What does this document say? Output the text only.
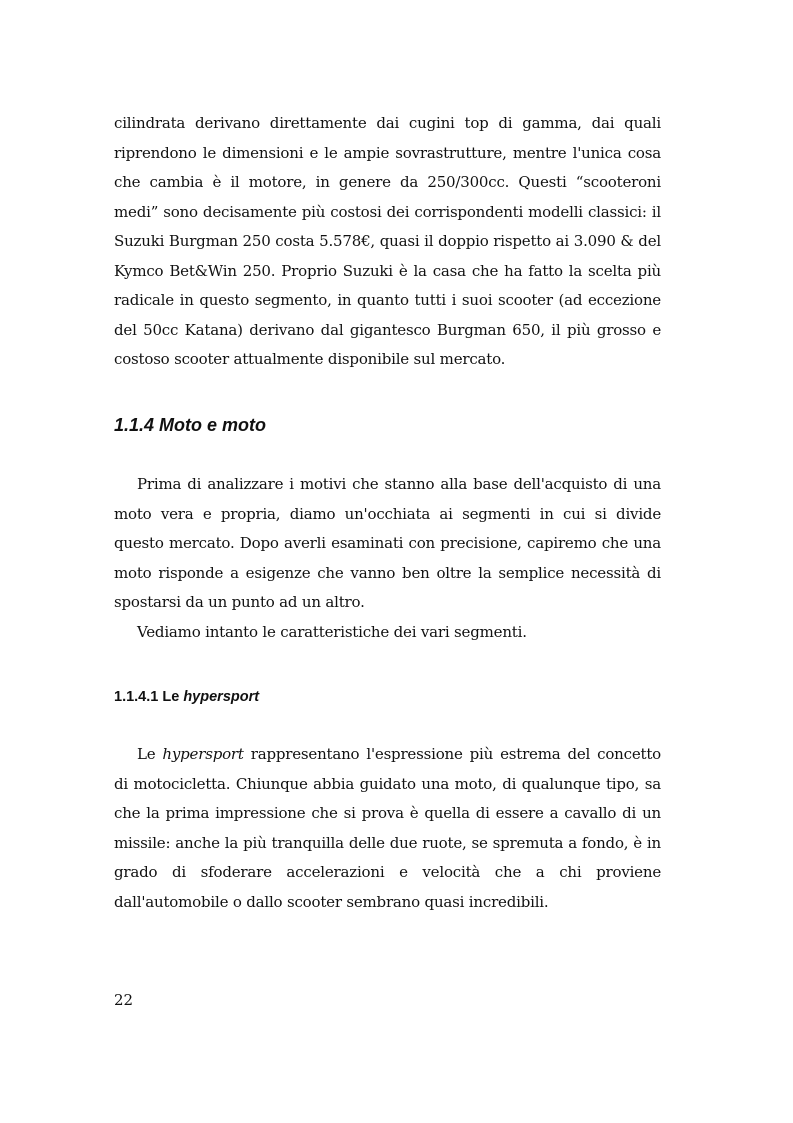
cilindrata derivano direttamente dai cugini top di gamma, dai quali riprendono le dimensioni e le ampie sovrastrutture, mentre l'unica cosa che cambia è il motore, in genere da 250/300cc. Questi “scooteroni medi” sono decisamente più costosi dei corrispondenti modelli classici: il Suzuki Burgman 250 costa 5.578€, quasi il doppio rispetto ai 3.090 & del Kymco Bet&Win 250. Proprio Suzuki è la casa che ha fatto la scelta più radicale in questo segmento, in quanto tutti i suoi scooter (ad eccezione del 50cc Katana) derivano dal gigantesco Burgman 650, il più grosso e costoso scooter attualmente disponibile sul mercato.

1.1.4 Moto e moto

Prima di analizzare i motivi che stanno alla base dell'acquisto di una moto vera e propria, diamo un'occhiata ai segmenti in cui si divide questo mercato. Dopo averli esaminati con precisione, capiremo che una moto risponde a esigenze che vanno ben oltre la semplice necessità di spostarsi da un punto ad un altro.

Vediamo intanto le caratteristiche dei vari segmenti.

1.1.4.1 Le hypersport

Le hypersport rappresentano l'espressione più estrema del concetto di motocicletta. Chiunque abbia guidato una moto, di qualunque tipo, sa che la prima impressione che si prova è quella di essere a cavallo di un missile: anche la più tranquilla delle due ruote, se spremuta a fondo, è in grado di sfoderare accelerazioni e velocità che a chi proviene dall'automobile o dallo scooter sembrano quasi incredibili.

22
